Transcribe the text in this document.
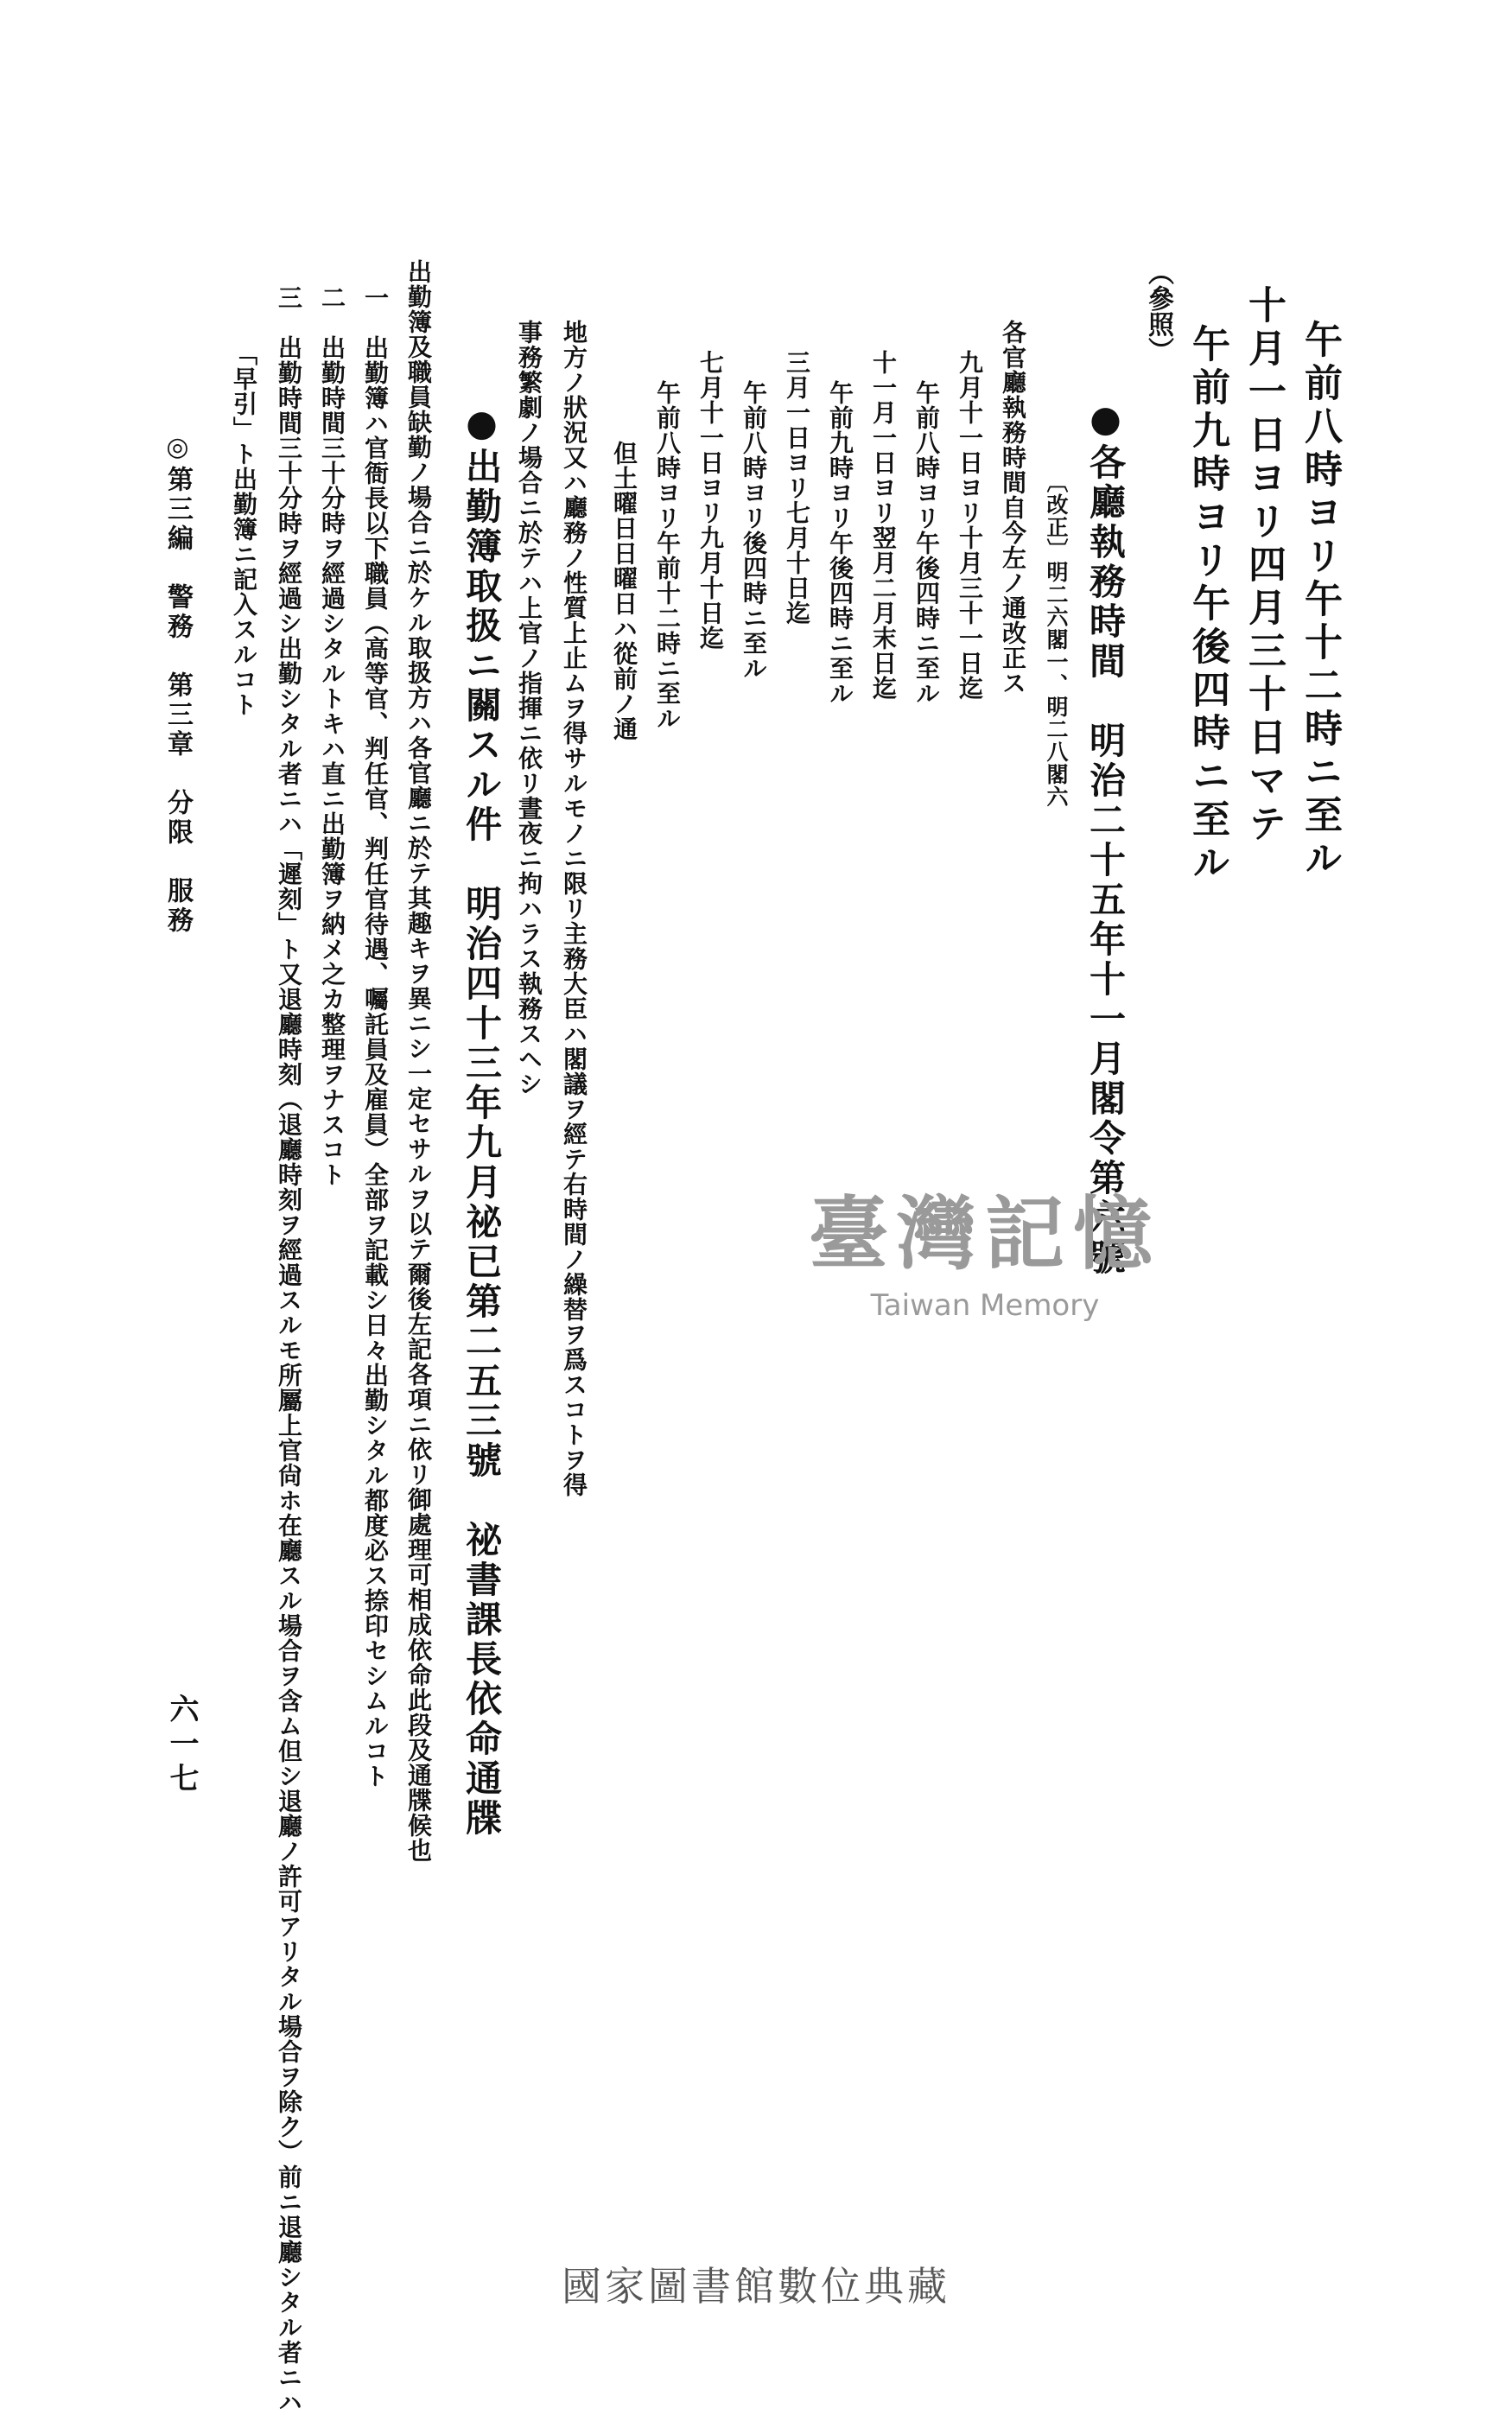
午前八時ヨリ午十二時ニ至ル
十月一日ヨリ四月三十日マテ
午前九時ヨリ午後四時ニ至ル
（參照）
●各廳執務時間　明治二十五年十一月閣令第六號
〔改正〕明二六閣一、明二八閣六
各官廳執務時間自今左ノ通改正ス
九月十一日ヨリ十月三十一日迄
午前八時ヨリ午後四時ニ至ル
十一月一日ヨリ翌月二月末日迄
午前九時ヨリ午後四時ニ至ル
三月一日ヨリ七月十日迄
午前八時ヨリ後四時ニ至ル
七月十一日ヨリ九月十日迄
午前八時ヨリ午前十二時ニ至ル
但土曜日日曜日ハ從前ノ通
地方ノ狀況又ハ廳務ノ性質上止ムヲ得サルモノニ限リ主務大臣ハ閣議ヲ經テ右時間ノ繰替ヲ爲スコトヲ得
事務繁劇ノ場合ニ於テハ上官ノ指揮ニ依リ晝夜ニ拘ハラス執務スヘシ
●出勤簿取扱ニ關スル件　明治四十三年九月祕已第二五三號　祕書課長依命通牒
出勤簿及職員缺勤ノ場合ニ於ケル取扱方ハ各官廳ニ於テ其趣キヲ異ニシ一定セサルヲ以テ爾後左記各項ニ依リ御處理可相成依命此段及通牒候也
一　出勤簿ハ官衙長以下職員（高等官、判任官、判任官待遇、囑託員及雇員）全部ヲ記載シ日々出勤シタル都度必ス捺印セシムルコト
二　出勤時間三十分時ヲ經過シタルトキハ直ニ出勤簿ヲ納メ之カ整理ヲナスコト
三　出勤時間三十分時ヲ經過シ出勤シタル者ニハ「遲刻」ト又退廳時刻（退廳時刻ヲ經過スルモ所屬上官尙ホ在廳スル場合ヲ含ム但シ退廳ノ許可アリタル場合ヲ除ク）前ニ退廳シタル者ニハ
「早引」ト出勤簿ニ記入スルコト
◎第三編　警務　第三章　分限　服務
六一七
臺灣記憶
Taiwan Memory
國家圖書館數位典藏
